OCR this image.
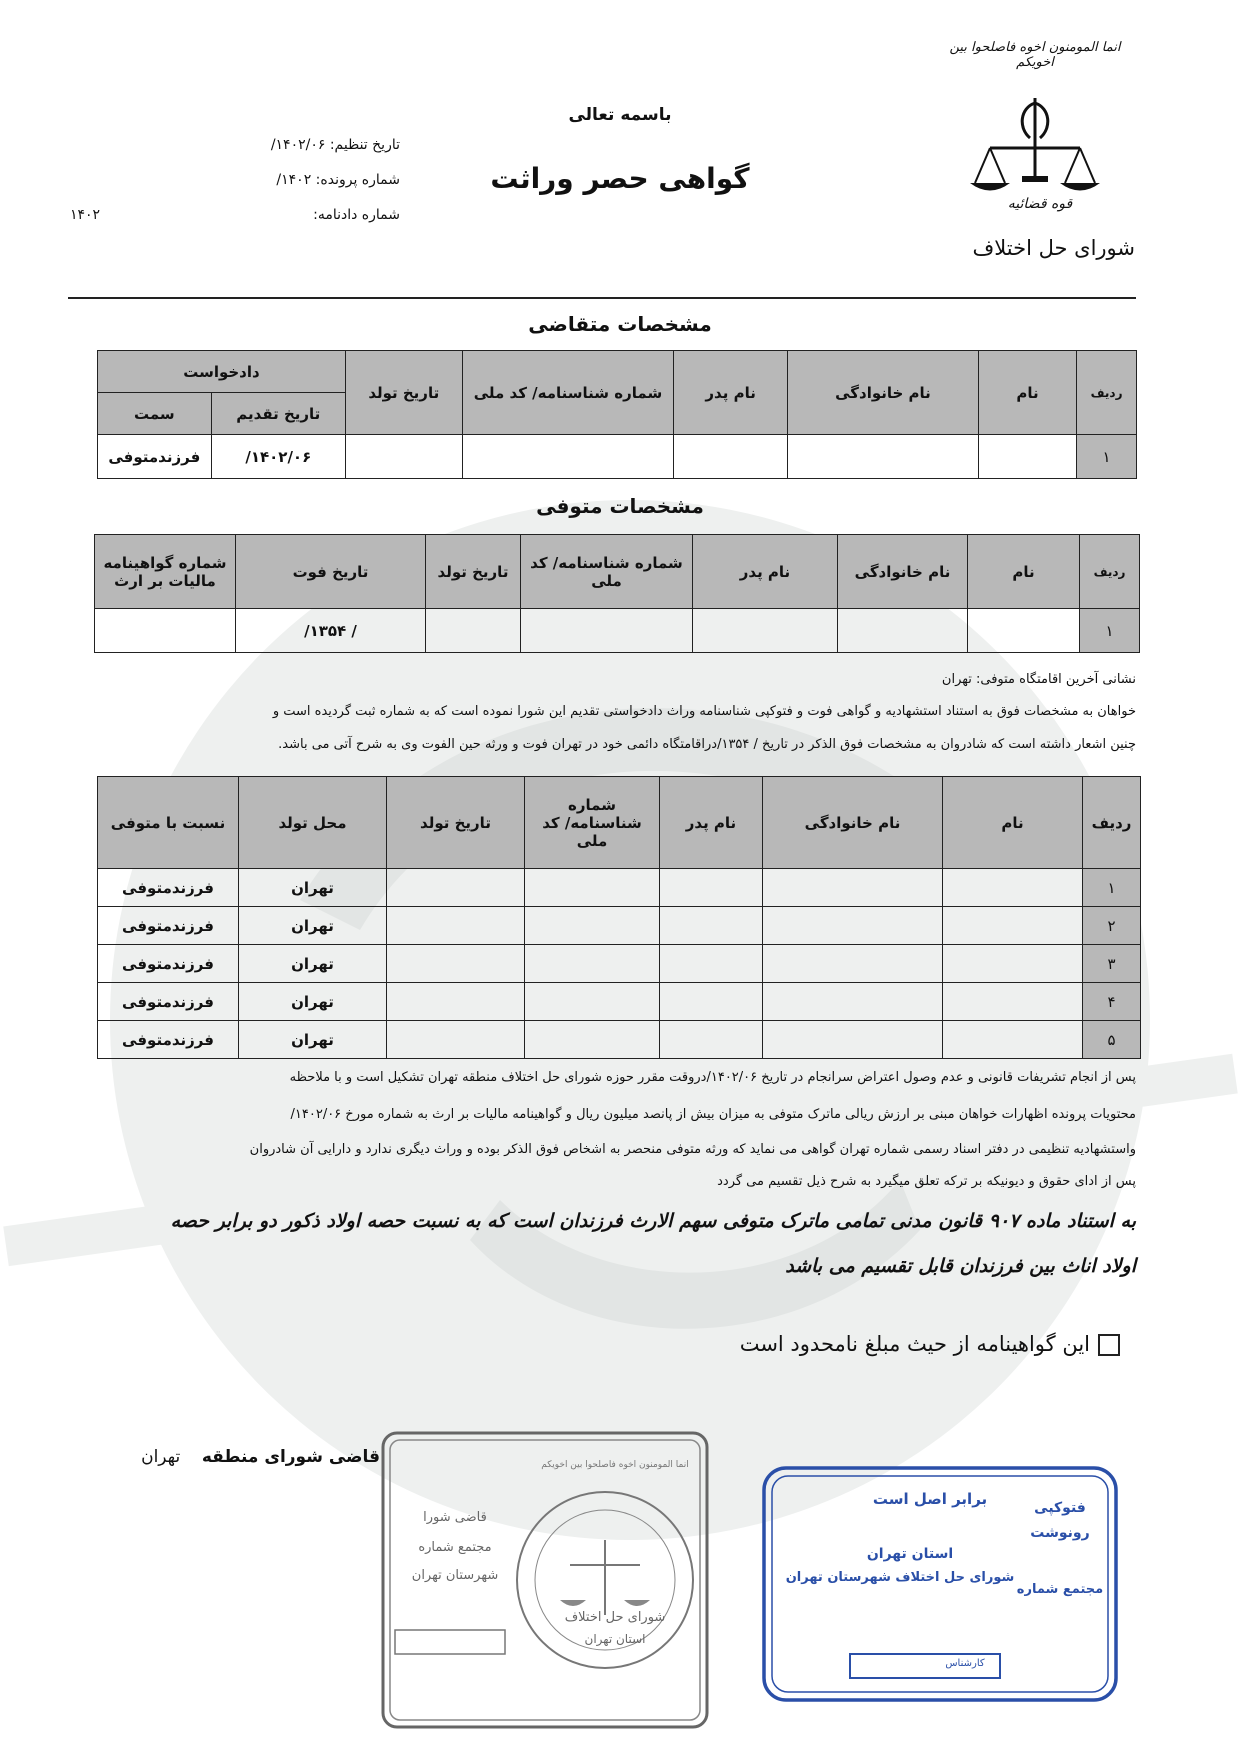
انما المومنون اخوه فاصلحوا بین اخویکم
قوه قضائیه
باسمه تعالی
گواهی حصر وراثت
شورای حل اختلاف
تاریخ تنظیم: ۱۴۰۲/۰۶/
شماره پرونده: ۱۴۰۲/
شماره دادنامه:
۱۴۰۲
مشخصات متقاضی
ردیف	نام	نام خانوادگی	نام پدر	شماره شناسنامه/ کد ملی	تاریخ تولد	دادخواست	
						تاریخ تقدیم	سمت
۱						۱۴۰۲/۰۶/	فرزندمتوفی
مشخصات متوفی
ردیف	نام	نام خانوادگی	نام پدر	شماره شناسنامه/ کد ملی	تاریخ تولد	تاریخ فوت	شماره گواهینامه مالیات بر ارث
۱						/ ۱۳۵۴/	
نشانی آخرین اقامتگاه متوفی: تهران
خواهان به مشخصات فوق به استناد استشهادیه و گواهی فوت و فتوکپی شناسنامه وراث دادخواستی تقدیم این شورا نموده است که به شماره ثبت گردیده است و
چنین اشعار داشته است که شادروان به مشخصات فوق الذکر در تاریخ / ۱۳۵۴/دراقامتگاه دائمی خود در تهران فوت و ورثه حین الفوت وی به شرح آتی می باشد.
ردیف	نام	نام خانوادگی	نام پدر	شماره شناسنامه/ کد ملی	تاریخ تولد	محل تولد	نسبت با متوفی
۱						تهران	فرزندمتوفی
۲						تهران	فرزندمتوفی
۳						تهران	فرزندمتوفی
۴						تهران	فرزندمتوفی
۵						تهران	فرزندمتوفی
پس از انجام تشریفات قانونی و عدم وصول اعتراض سرانجام در تاریخ ۱۴۰۲/۰۶/دروقت مقرر حوزه شورای حل اختلاف منطقه تهران تشکیل است و با ملاحظه
محتویات پرونده اظهارات خواهان مبنی بر ارزش ریالی ماترک متوفی به میزان بیش از پانصد میلیون ریال و گواهینامه مالیات بر ارث به شماره مورخ ۱۴۰۲/۰۶/
واستشهادیه تنظیمی در دفتر اسناد رسمی شماره تهران گواهی می نماید که ورثه متوفی منحصر به اشخاص فوق الذکر بوده و وراث دیگری ندارد و دارایی آن شادروان
پس از ادای حقوق و دیونیکه بر ترکه تعلق میگیرد به شرح ذیل تقسیم می گردد
به استناد ماده ۹۰۷ قانون مدنی تمامی ماترک متوفی سهم الارث فرزندان است که به نسبت حصه اولاد ذکور دو برابر حصه
اولاد اناث بین فرزندان قابل تقسیم می باشد
این گواهینامه از حیث مبلغ نامحدود است
قاضی شورای منطقه    تهران
قاضی شورا
مجتمع شماره
شهرستان تهران
انما المومنون اخوه فاصلحوا بین اخویکم
شورای حل اختلاف
استان تهران
فتوکپی
رونوشت
برابر اصل است
استان تهران
شورای حل اختلاف شهرستان تهران
مجتمع شماره
کارشناس
